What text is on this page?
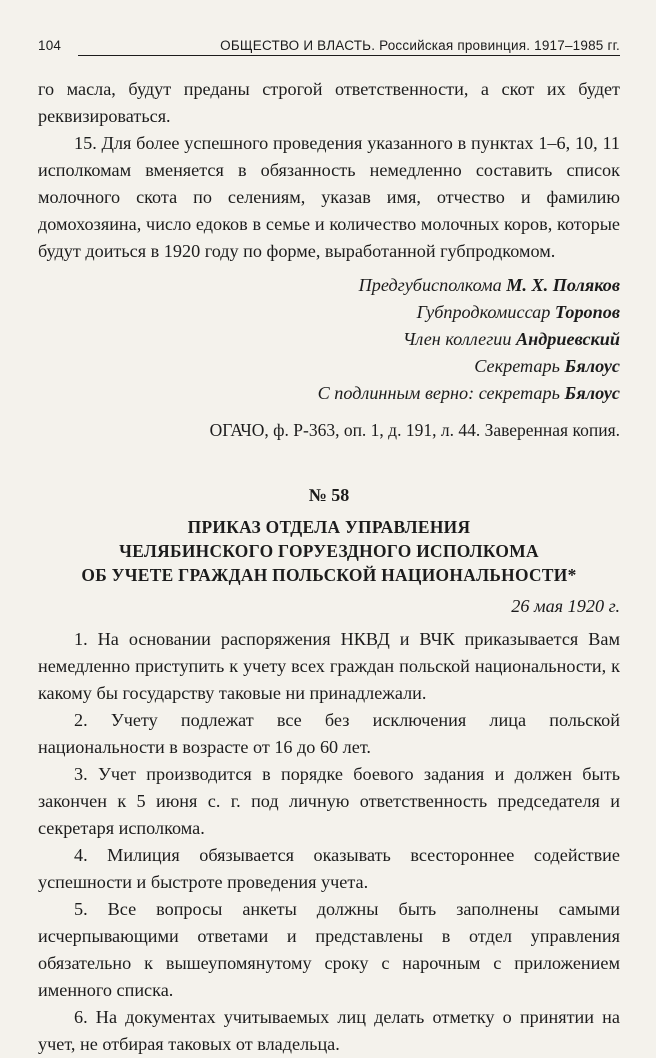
104	ОБЩЕСТВО И ВЛАСТЬ. Российская провинция. 1917–1985 гг.

го масла, будут преданы строгой ответственности, а скот их будет реквизироваться.

15. Для более успешного проведения указанного в пунктах 1–6, 10, 11 исполкомам вменяется в обязанность немедленно составить список молочного скота по селениям, указав имя, отчество и фамилию домохозяина, число едоков в семье и количество молочных коров, которые будут доиться в 1920 году по форме, выработанной губпродкомом.

Предгубисполкома М. Х. Поляков
Губпродкомиссар Торопов
Член коллегии Андриевский
Секретарь Бялоус
С подлинным верно: секретарь Бялоус

ОГАЧО, ф. Р-363, оп. 1, д. 191, л. 44. Заверенная копия.

№ 58
ПРИКАЗ ОТДЕЛА УПРАВЛЕНИЯ
ЧЕЛЯБИНСКОГО ГОРУЕЗДНОГО ИСПОЛКОМА
ОБ УЧЕТЕ ГРАЖДАН ПОЛЬСКОЙ НАЦИОНАЛЬНОСТИ*
26 мая 1920 г.

1. На основании распоряжения НКВД и ВЧК приказывается Вам немедленно приступить к учету всех граждан польской национальности, к какому бы государству таковые ни принадлежали.

2. Учету подлежат все без исключения лица польской национальности в возрасте от 16 до 60 лет.

3. Учет производится в порядке боевого задания и должен быть закончен к 5 июня с. г. под личную ответственность председателя и секретаря исполкома.

4. Милиция обязывается оказывать всестороннее содействие успешности и быстроте проведения учета.

5. Все вопросы анкеты должны быть заполнены самыми исчерпывающими ответами и представлены в отдел управления обязательно к вышеупомянутому сроку с нарочным с приложением именного списка.

6. На документах учитываемых лиц делать отметку о принятии на учет, не отбирая таковых от владельца.
